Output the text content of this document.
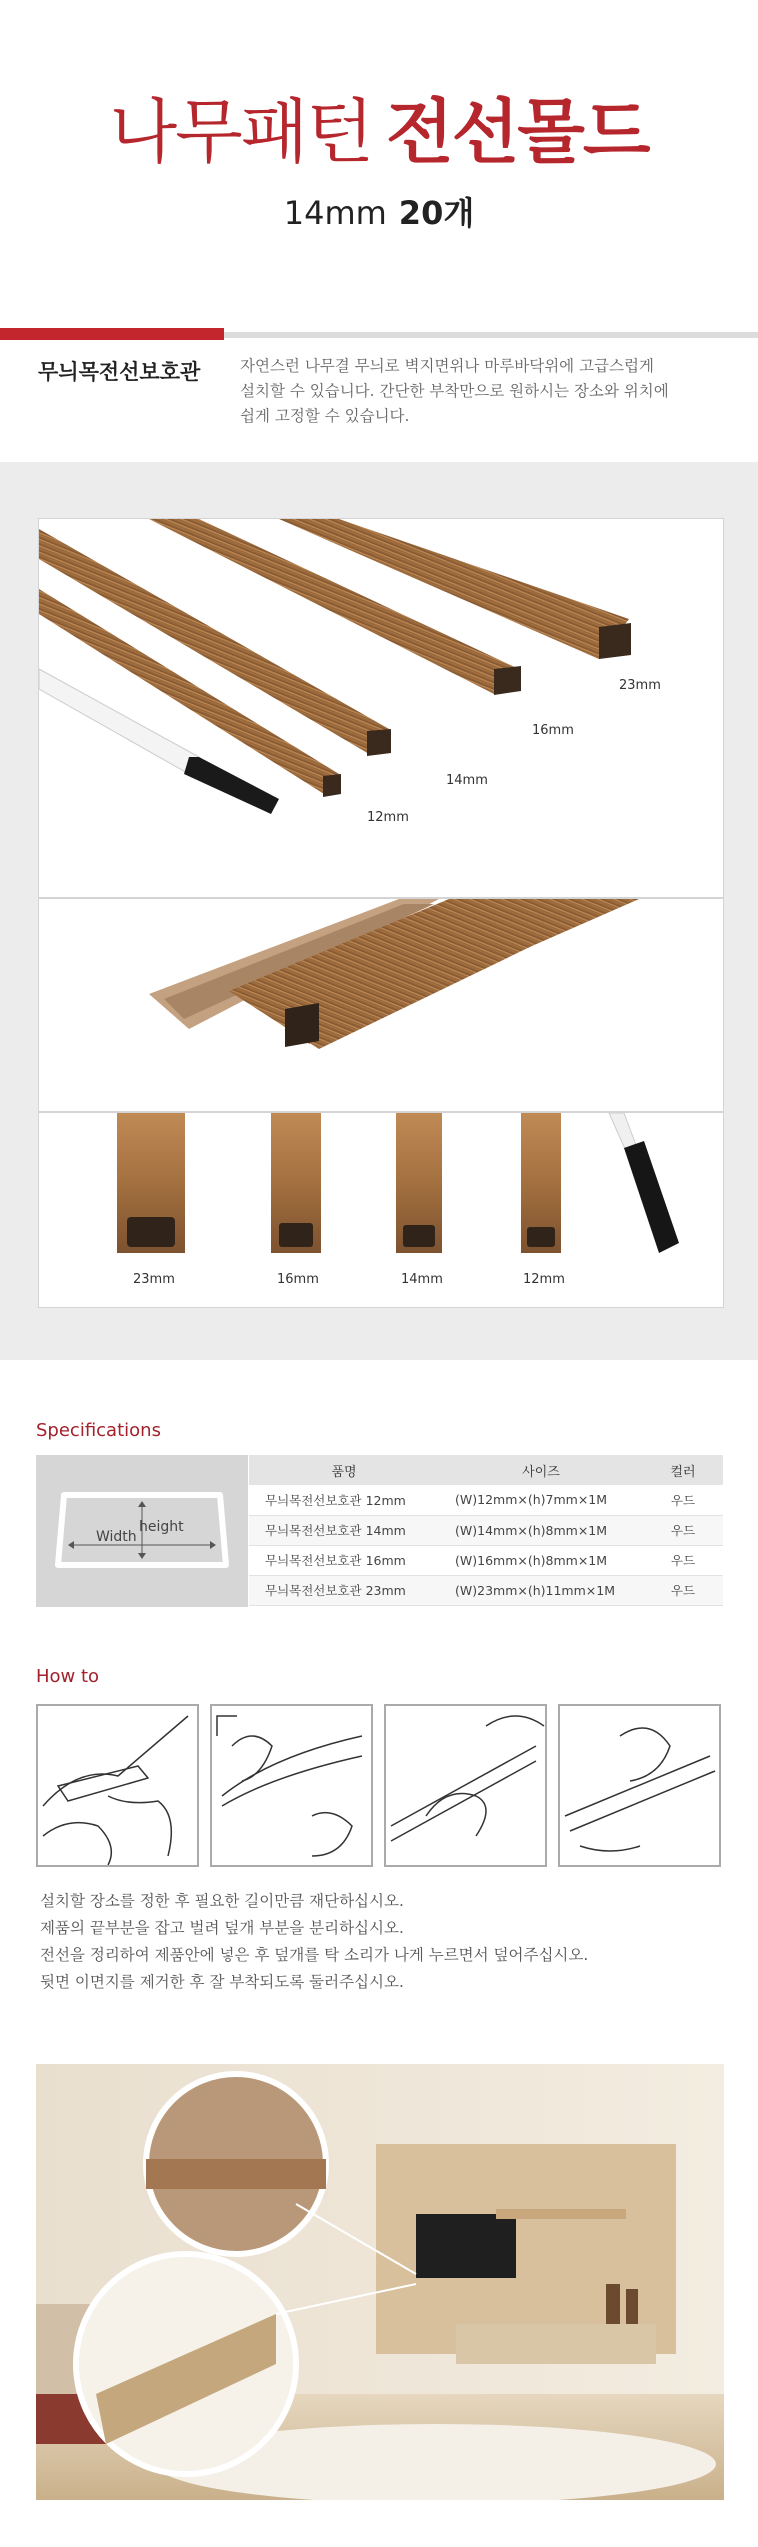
나무패턴 전선몰드
14mm 20개
무늬목전선보호관	자연스런 나무결 무늬로 벽지면위나 마루바닥위에 고급스럽게

설치할 수 있습니다. 간단한 부착만으로 원하시는 장소와 위치에

쉽게 고정할 수 있습니다.

23mm
16mm
14mm
12mm
23mm	16mm	14mm	12mm
Specifications
height
Width
품명	사이즈	컬러
무늬목전선보호관 12mm	(W)12mm×(h)7mm×1M	우드
무늬목전선보호관 14mm	(W)14mm×(h)8mm×1M	우드
무늬목전선보호관 16mm	(W)16mm×(h)8mm×1M	우드
무늬목전선보호관 23mm	(W)23mm×(h)11mm×1M	우드
How to

설치할 장소를 정한 후 필요한 길이만큼 재단하십시오.

제품의 끝부분을 잡고 벌려 덮개 부분을 분리하십시오.

전선을 정리하여 제품안에 넣은 후 덮개를 탁 소리가 나게 누르면서 덮어주십시오.

뒷면 이면지를 제거한 후 잘 부착되도록 둘러주십시오.
